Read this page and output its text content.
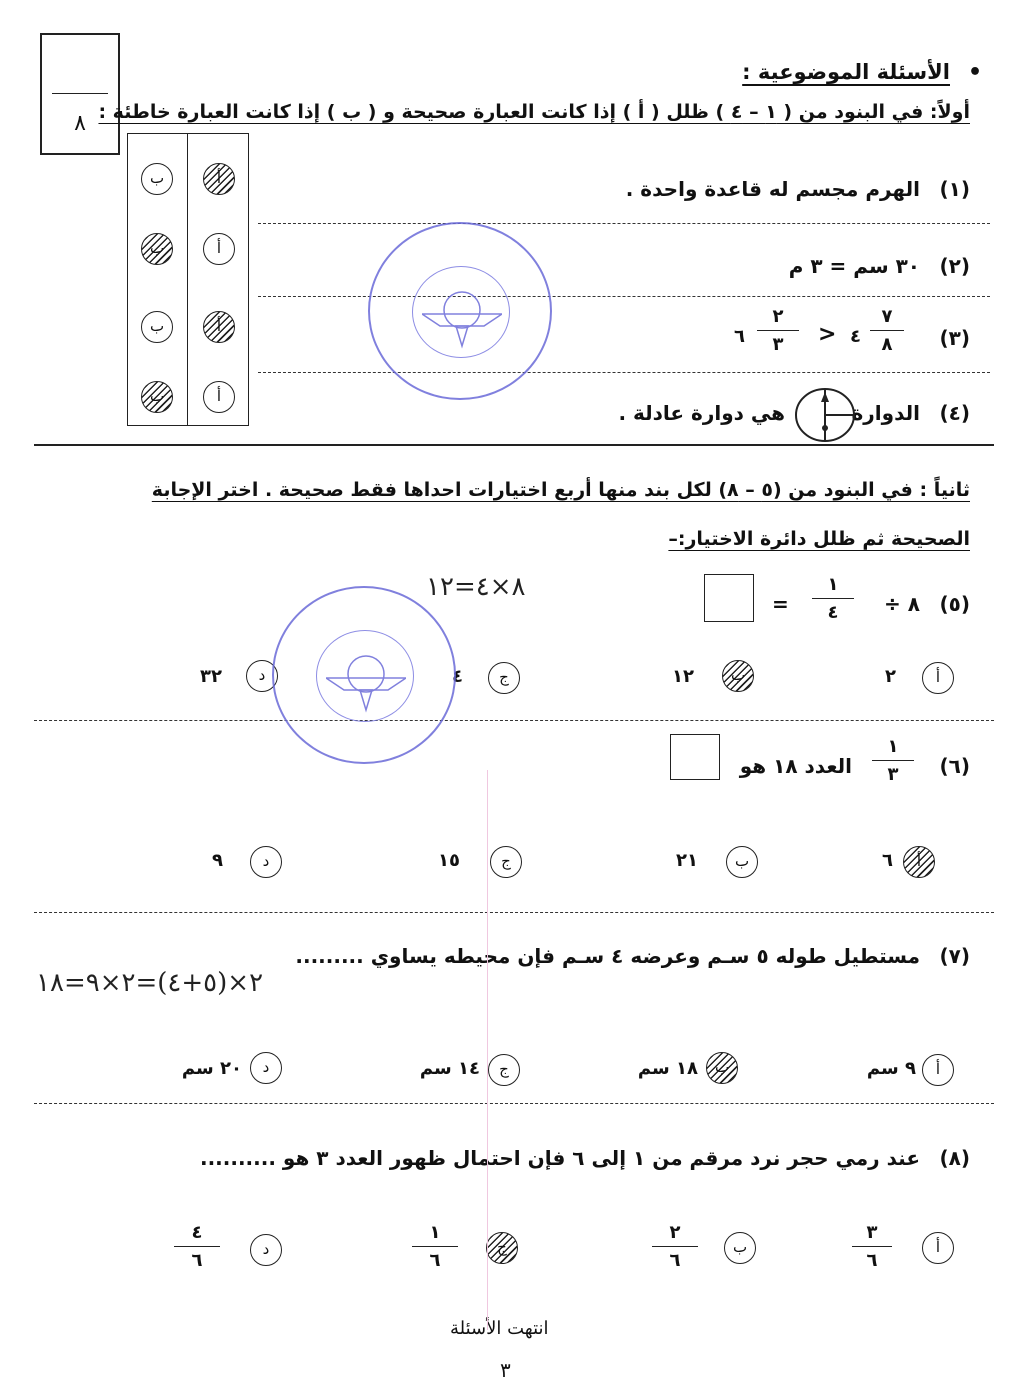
٨
•
الأسئلة الموضوعية :
أولاً: في البنود من ( ١ – ٤ ) ظلل ( أ ) إذا كانت العبارة صحيحة و ( ب ) إذا كانت العبارة خاطئة :
ب	أ
ب	أ
ب	أ
ب	أ
(١)
الهرم مجسم له قاعدة واحدة .
(٢)
٣٠ سم = ٣ م
(٣)
٧
٨
٤
>
٢
٣
٦
(٤)
الدوارة
هي دوارة عادلة .
ثانياً : في البنود من (٥ – ٨) لكل بند منها أربع اختيارات احداها فقط صحيحة . اختر الإجابة
الصحيحة ثم ظلل دائرة الاختيار:–
(٥)
٨ ÷
١
٤
=
٨×٤=١٢
أ
٢
ب
١٢
ج
٤
د
٣٢
(٦)
١
٣
العدد ١٨ هو
أ
٦
ب
٢١
ج
١٥
د
٩
(٧)
مستطيل طوله ٥ سـم وعرضه ٤ سـم فإن محيطه يساوي .........
٢×(٥+٤)=٢×٩=١٨
أ
٩ سم
ب
١٨ سم
ج
١٤ سم
د
٢٠ سم
(٨)
عند رمي حجر نرد مرقم من ١ إلى ٦ فإن احتمال ظهور العدد ٣ هو ..........
أ
٣
٦
ب
٢
٦
ج
١
٦
د
٤
٦
انتهت الأسئلة
٣
